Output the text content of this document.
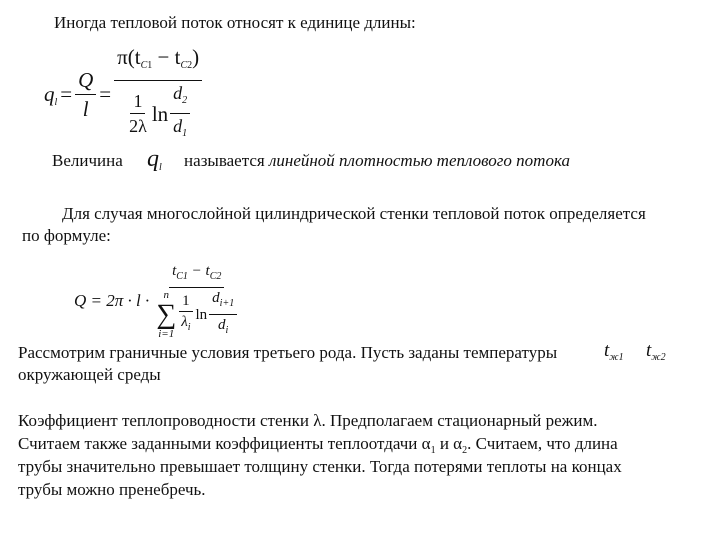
Иногда тепловой поток относят к единице длины:
$q_l = \frac{Q}{l}$ =
$\pi(t_{C1} - t_{C2})$
$\frac{1}{2\lambda}$ $\ln \frac{d_2}{d_1}$
Величина $q_l$ называется линейной плотностью теплового потока
Для случая многослойной цилиндрической стенки тепловой поток определяется
по формуле:
Q = 2π · l ·
$t_{C1} - t_{C2}$
n
∑
$i=1 \frac{1}{\lambda_i}$ $\ln \frac{d_{i+1}}{d_i}$
Рассмотрим граничные условия третьего рода. Пусть заданы температуры $t_{ж1}$ $t_{ж2}$
окружающей среды
Коэффициент теплопроводности стенки λ. Предполагаем стационарный режим.
Считаем также заданными коэффициенты теплоотдачи $\alpha_1$ и $\alpha_2$. Считаем, что длина
трубы значительно превышает толщину стенки. Тогда потерями теплоты на концах
трубы можно пренебречь.
